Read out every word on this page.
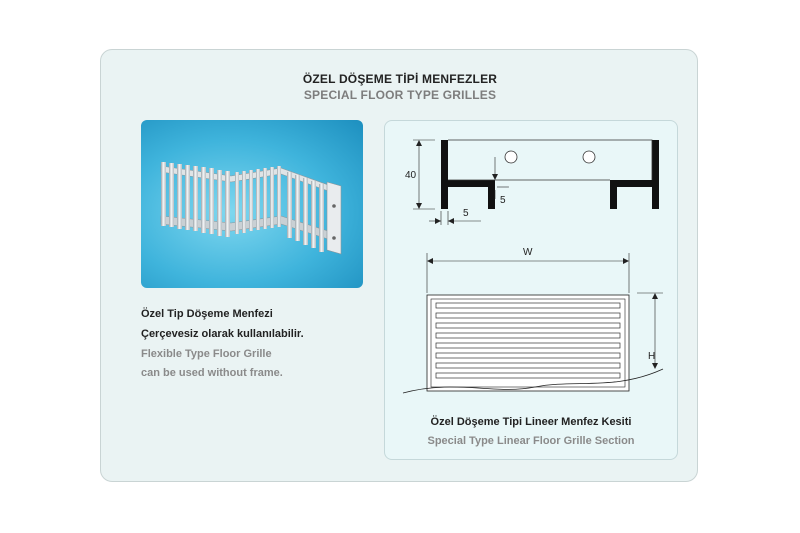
ÖZEL DÖŞEME TİPİ MENFEZLER
SPECIAL FLOOR TYPE GRILLES
Özel Tip Döşeme Menfezi
Çerçevesiz olarak kullanılabilir.
Flexible Type Floor Grille
can be used without frame.
40
5
5
W
H
Özel Döşeme Tipi Lineer Menfez Kesiti
Special Type Linear Floor Grille Section
